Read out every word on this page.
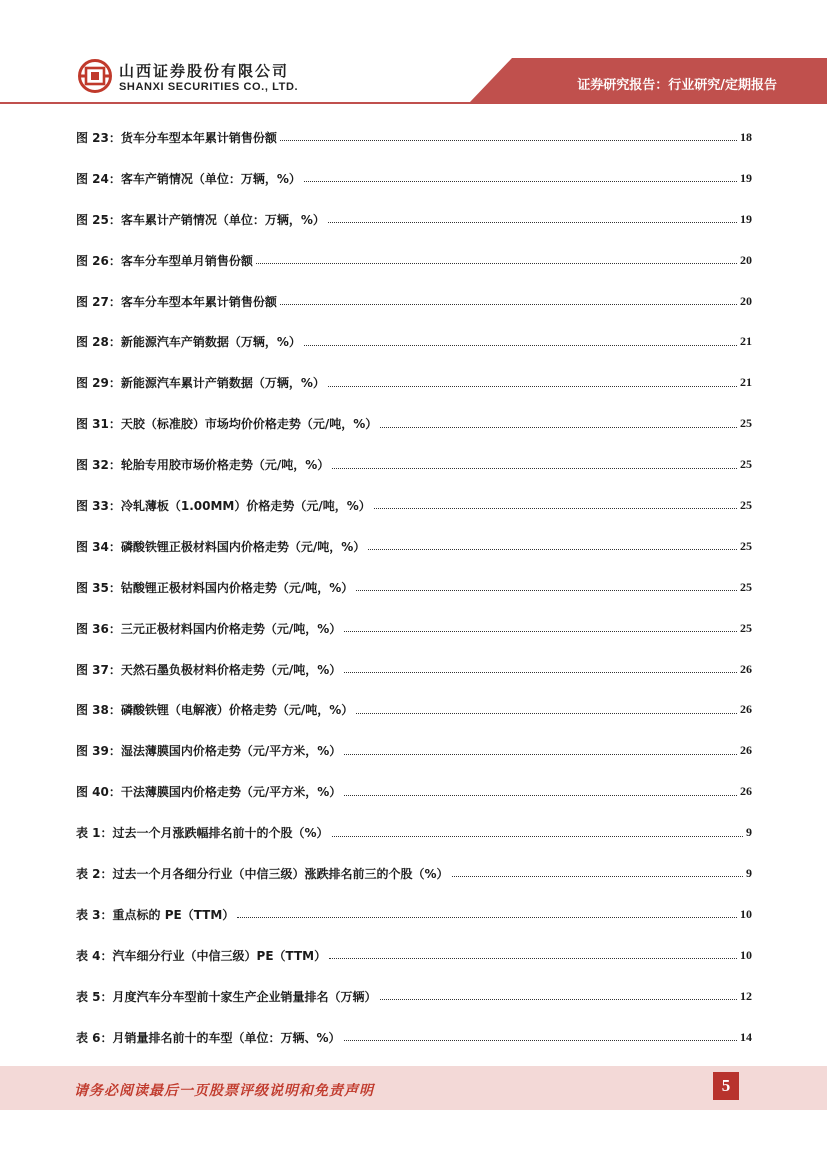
山西证券股份有限公司
SHANXI SECURITIES CO., LTD.	证券研究报告：行业研究/定期报告
图 23：货车分车型本年累计销售份额	18
图 24：客车产销情况（单位：万辆，%）	19
图 25：客车累计产销情况（单位：万辆，%）	19
图 26：客车分车型单月销售份额	20
图 27：客车分车型本年累计销售份额	20
图 28：新能源汽车产销数据（万辆，%）	21
图 29：新能源汽车累计产销数据（万辆，%）	21
图 31：天胶（标准胶）市场均价价格走势（元/吨，%）	25
图 32：轮胎专用胶市场价格走势（元/吨，%）	25
图 33：冷轧薄板（1.00MM）价格走势（元/吨，%）	25
图 34：磷酸铁锂正极材料国内价格走势（元/吨，%）	25
图 35：钴酸锂正极材料国内价格走势（元/吨，%）	25
图 36：三元正极材料国内价格走势（元/吨，%）	25
图 37：天然石墨负极材料价格走势（元/吨，%）	26
图 38：磷酸铁锂（电解液）价格走势（元/吨，%）	26
图 39：湿法薄膜国内价格走势（元/平方米，%）	26
图 40：干法薄膜国内价格走势（元/平方米，%）	26
表 1：过去一个月涨跌幅排名前十的个股（%）	9
表 2：过去一个月各细分行业（中信三级）涨跌排名前三的个股（%）	9
表 3：重点标的 PE（TTM）	10
表 4：汽车细分行业（中信三级）PE（TTM）	10
表 5：月度汽车分车型前十家生产企业销量排名（万辆）	12
表 6：月销量排名前十的车型（单位：万辆、%）	14
请务必阅读最后一页股票评级说明和免责声明	5
